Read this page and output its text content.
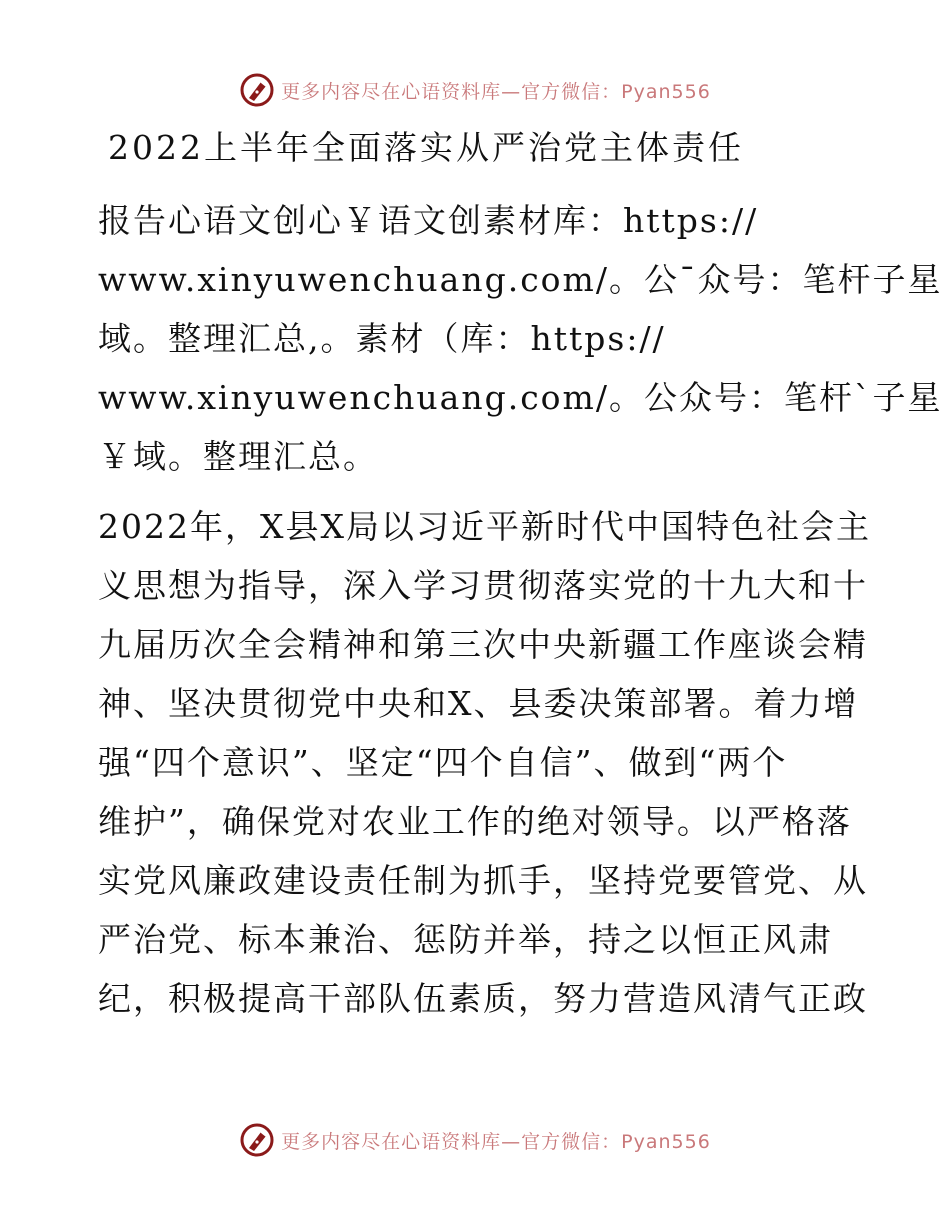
更多内容尽在心语资料库—官方微信：Pyan556
2022上半年全面落实从严治党主体责任
报告心语文创心￥语文创素材库：https://
www.xinyuwenchuang.com/。公¯众号：笔杆子星
域。整理汇总,。素材（库：https://
www.xinyuwenchuang.com/。公众号：笔杆`子星
￥域。整理汇总。
2022年，X县X局以习近平新时代中国特色社会主
义思想为指导，深入学习贯彻落实党的十九大和十
九届历次全会精神和第三次中央新疆工作座谈会精
神、坚决贯彻党中央和X、县委决策部署。着力增
强“四个意识”、坚定“四个自信”、做到“两个
维护”，确保党对农业工作的绝对领导。以严格落
实党风廉政建设责任制为抓手，坚持党要管党、从
严治党、标本兼治、惩防并举，持之以恒正风肃
纪，积极提高干部队伍素质，努力营造风清气正政
更多内容尽在心语资料库—官方微信：Pyan556
